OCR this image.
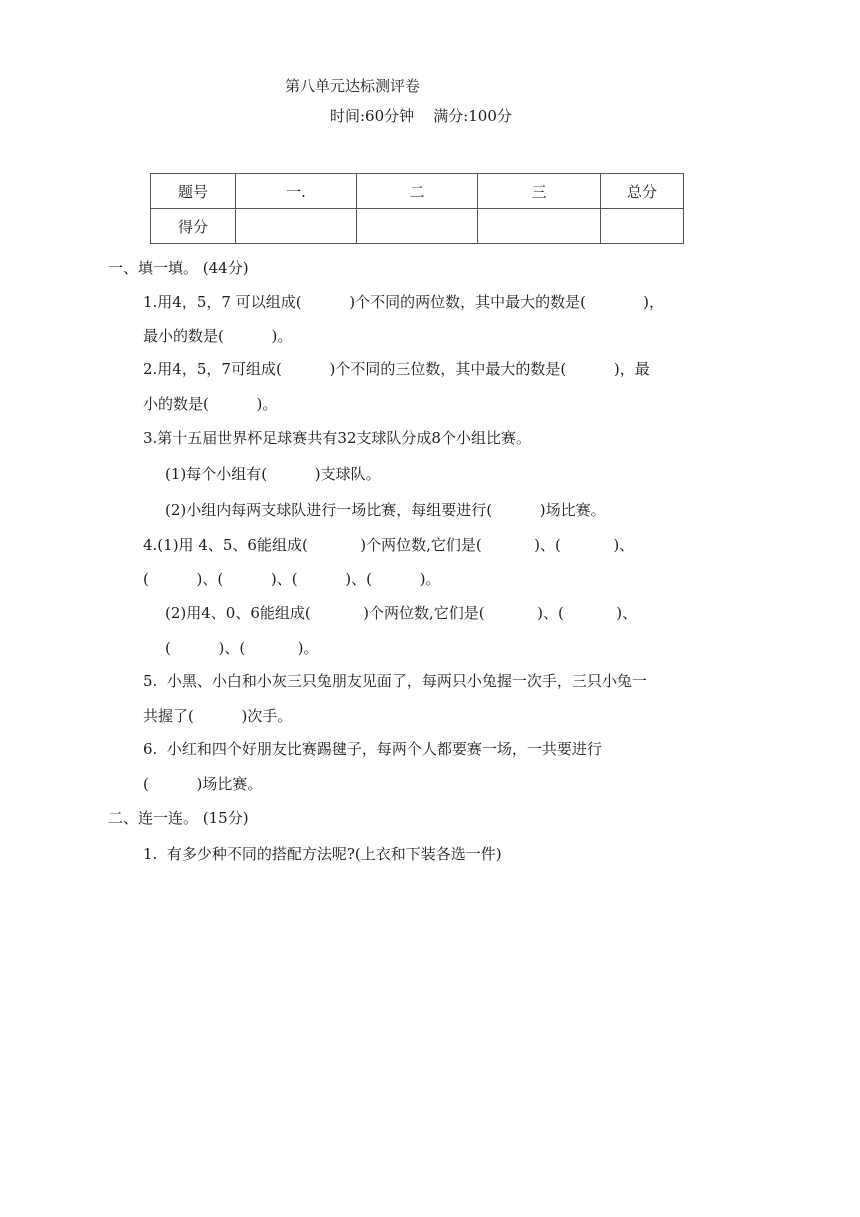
第八单元达标测评卷
时间:60分钟    满分:100分
题号	一.	二	三	总分
得分				
一、填一填。 (44分)
1.用4，5，7 可以组成(          )个不同的两位数，其中最大的数是(            )，
最小的数是(          )。
2.用4，5，7可组成(          )个不同的三位数，其中最大的数是(          )，最
小的数是(          )。
3.第十五届世界杯足球赛共有32支球队分成8个小组比赛。
(1)每个小组有(          )支球队。
(2)小组内每两支球队进行一场比赛，每组要进行(          )场比赛。
4.(1)用 4、5、6能组成(           )个两位数,它们是(           )、(           )、
(          )、(          )、(          )、(          )。
(2)用4、0、6能组成(           )个两位数,它们是(           )、(           )、
(          )、(           )。
5.  小黑、小白和小灰三只兔朋友见面了，每两只小兔握一次手，三只小兔一
共握了(          )次手。
6.  小红和四个好朋友比赛踢毽子，每两个人都要赛一场，一共要进行
(          )场比赛。
二、连一连。 (15分)
1.  有多少种不同的搭配方法呢?(上衣和下装各选一件)
